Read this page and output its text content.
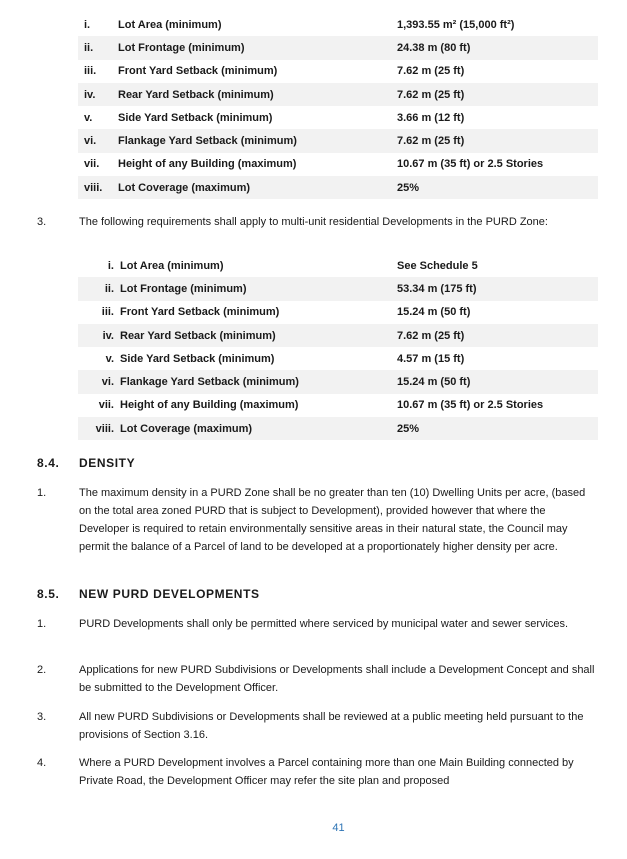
i.	Lot Area (minimum)	1,393.55 m² (15,000 ft²)
ii.	Lot Frontage (minimum)	24.38 m (80 ft)
iii.	Front Yard Setback (minimum)	7.62 m (25 ft)
iv.	Rear Yard Setback (minimum)	7.62 m (25 ft)
v.	Side Yard Setback (minimum)	3.66 m (12 ft)
vi.	Flankage Yard Setback (minimum)	7.62 m (25 ft)
vii.	Height of any Building (maximum)	10.67 m (35 ft) or 2.5 Stories
viii.	Lot Coverage (maximum)	25%
3.	The following requirements shall apply to multi-unit residential Developments in the PURD Zone:
i. Lot Area (minimum)	See Schedule 5
ii. Lot Frontage (minimum)	53.34 m (175 ft)
iii. Front Yard Setback (minimum)	15.24 m (50 ft)
iv. Rear Yard Setback (minimum)	7.62 m (25 ft)
v. Side Yard Setback (minimum)	4.57 m (15 ft)
vi. Flankage Yard Setback (minimum)	15.24 m (50 ft)
vii. Height of any Building (maximum)	10.67 m (35 ft) or 2.5 Stories
viii. Lot Coverage (maximum)	25%
8.4.	DENSITY
1.	The maximum density in a PURD Zone shall be no greater than ten (10) Dwelling Units per acre, (based on the total area zoned PURD that is subject to Development), provided however that where the Developer is required to retain environmentally sensitive areas in their natural state, the Council may permit the balance of a Parcel of land to be developed at a proportionately higher density per acre.
8.5.	NEW PURD DEVELOPMENTS
1.	PURD Developments shall only be permitted where serviced by municipal water and sewer services.
2.	Applications for new PURD Subdivisions or Developments shall include a Development Concept and shall be submitted to the Development Officer.
3.	All new PURD Subdivisions or Developments shall be reviewed at a public meeting held pursuant to the provisions of Section 3.16.
4.	Where a PURD Development involves a Parcel containing more than one Main Building connected by Private Road, the Development Officer may refer the site plan and proposed
41
